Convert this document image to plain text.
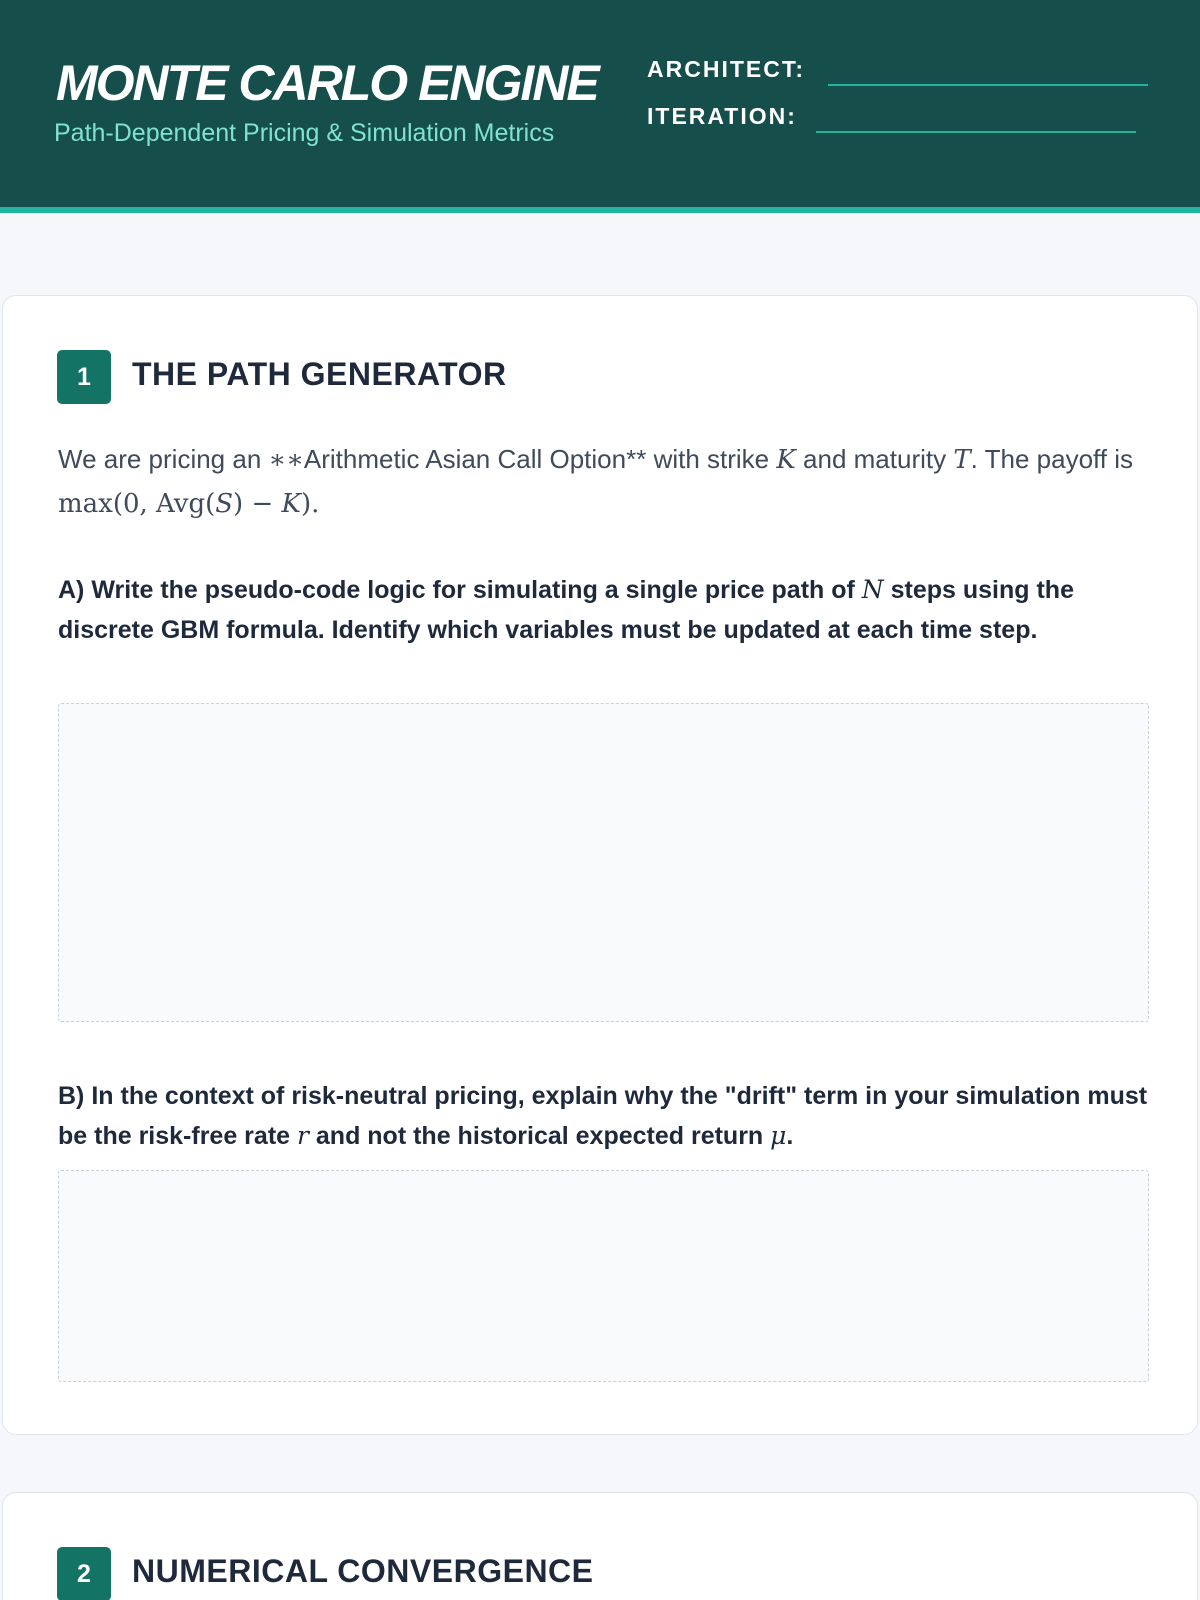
MONTE CARLO ENGINE
Path-Dependent Pricing & Simulation Metrics
ARCHITECT:
ITERATION:
1	THE PATH GENERATOR

We are pricing an ∗∗Arithmetic Asian Call Option** with strike K and maturity T. The payoff is max(0, Avg(S) − K).

A) Write the pseudo-code logic for simulating a single price path of N steps using the discrete GBM formula. Identify which variables must be updated at each time step.

B) In the context of risk-neutral pricing, explain why the "drift" term in your simulation must be the risk-free rate r and not the historical expected return μ.

2	NUMERICAL CONVERGENCE
